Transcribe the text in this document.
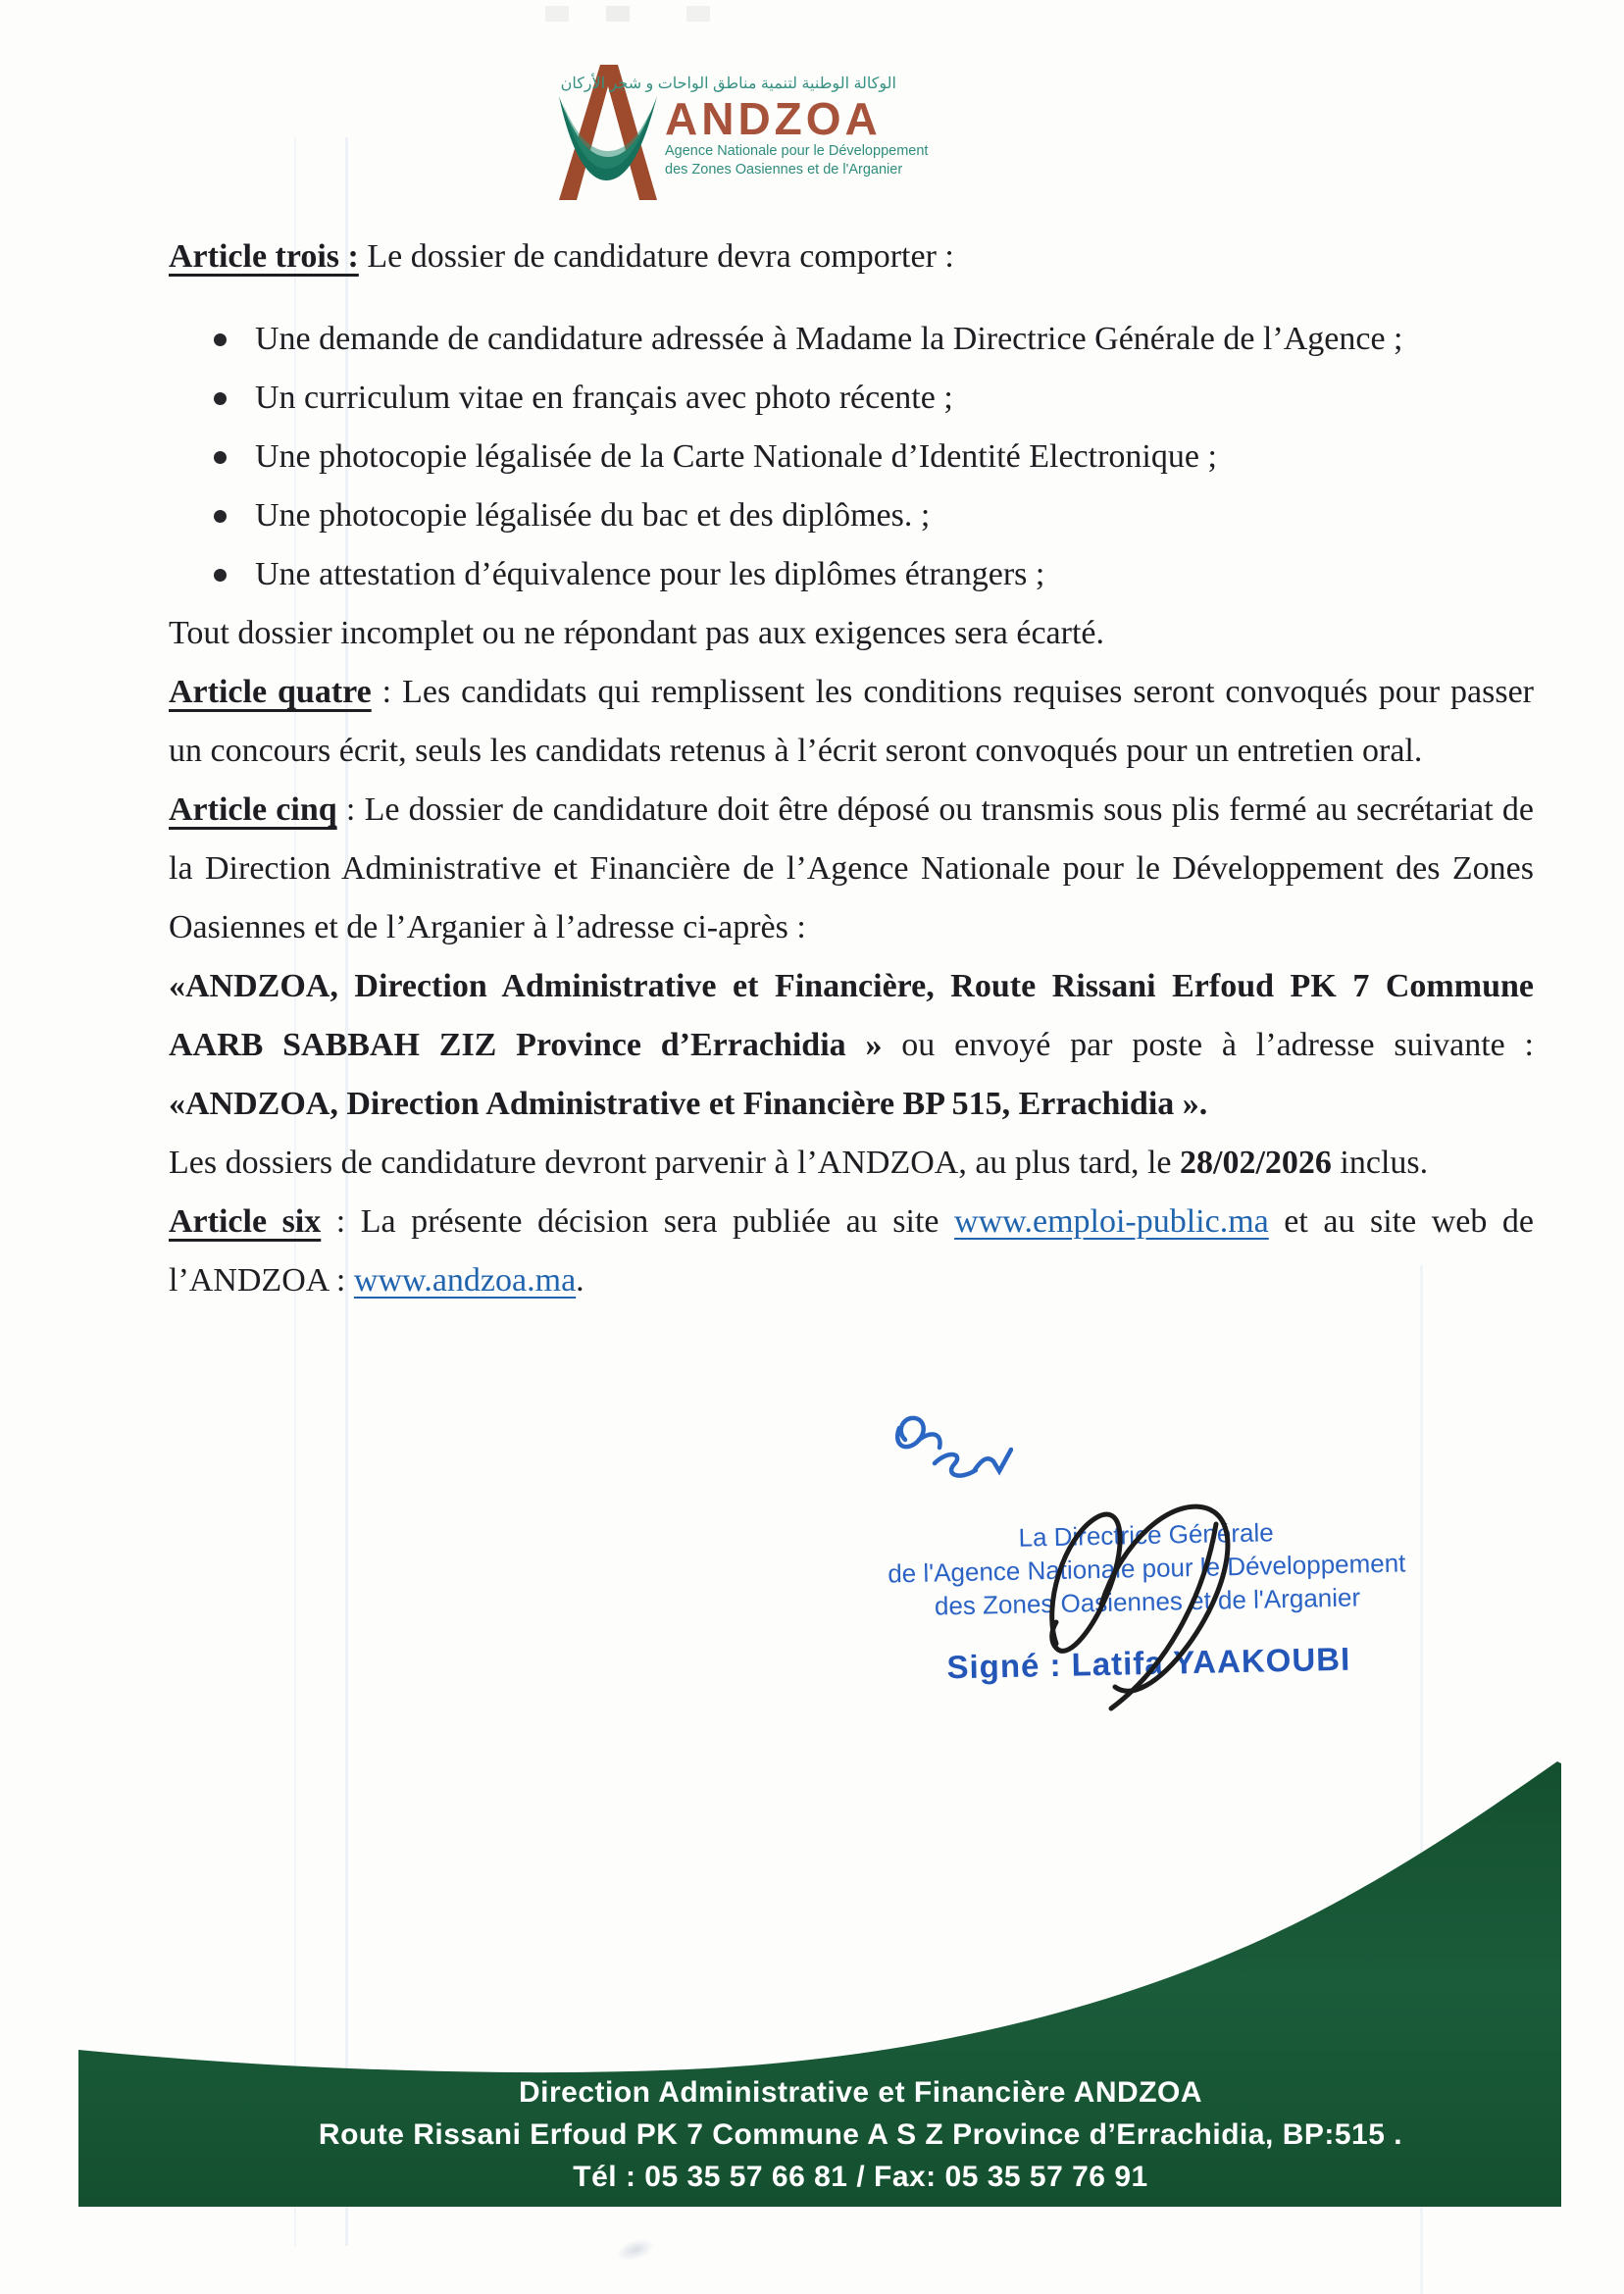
الوكالة الوطنية لتنمية مناطق الواحات و شجر الأركان
ANDZOA
Agence Nationale pour le Développement
des Zones Oasiennes et de l'Arganier

Article trois : Le dossier de candidature devra comporter :

Une demande de candidature adressée à Madame la Directrice Générale de l’Agence ;
Un curriculum vitae en français avec photo récente ;
Une photocopie légalisée de la Carte Nationale d’Identité Electronique ;
Une photocopie légalisée du bac et des diplômes. ;
Une attestation d’équivalence pour les diplômes étrangers ;

Tout dossier incomplet ou ne répondant pas aux exigences sera écarté.

Article quatre : Les candidats qui remplissent les conditions requises seront convoqués pour passer un concours écrit, seuls les candidats retenus à l’écrit seront convoqués pour un entretien oral.

Article cinq : Le dossier de candidature doit être déposé ou transmis sous plis fermé au secrétariat de la Direction Administrative et Financière de l’Agence Nationale pour le Développement des Zones Oasiennes et de l’Arganier à l’adresse ci-après :

«ANDZOA, Direction Administrative et Financière, Route Rissani Erfoud PK 7 Commune AARB SABBAH ZIZ Province d’Errachidia » ou envoyé par poste à l’adresse suivante : «ANDZOA, Direction Administrative et Financière BP 515, Errachidia ».

Les dossiers de candidature devront parvenir à l’ANDZOA, au plus tard, le 28/02/2026 inclus.

Article six : La présente décision sera publiée au site www.emploi-public.ma et au site web de l’ANDZOA : www.andzoa.ma.

La Directrice Générale
de l'Agence Nationale pour le Développement
des Zones Oasiennes et de l'Arganier
Signé : Latifa YAAKOUBI
Direction Administrative et Financière ANDZOA
Route Rissani Erfoud PK 7 Commune A S Z Province d’Errachidia, BP:515 .
Tél : 05 35 57 66 81 / Fax: 05 35 57 76 91
